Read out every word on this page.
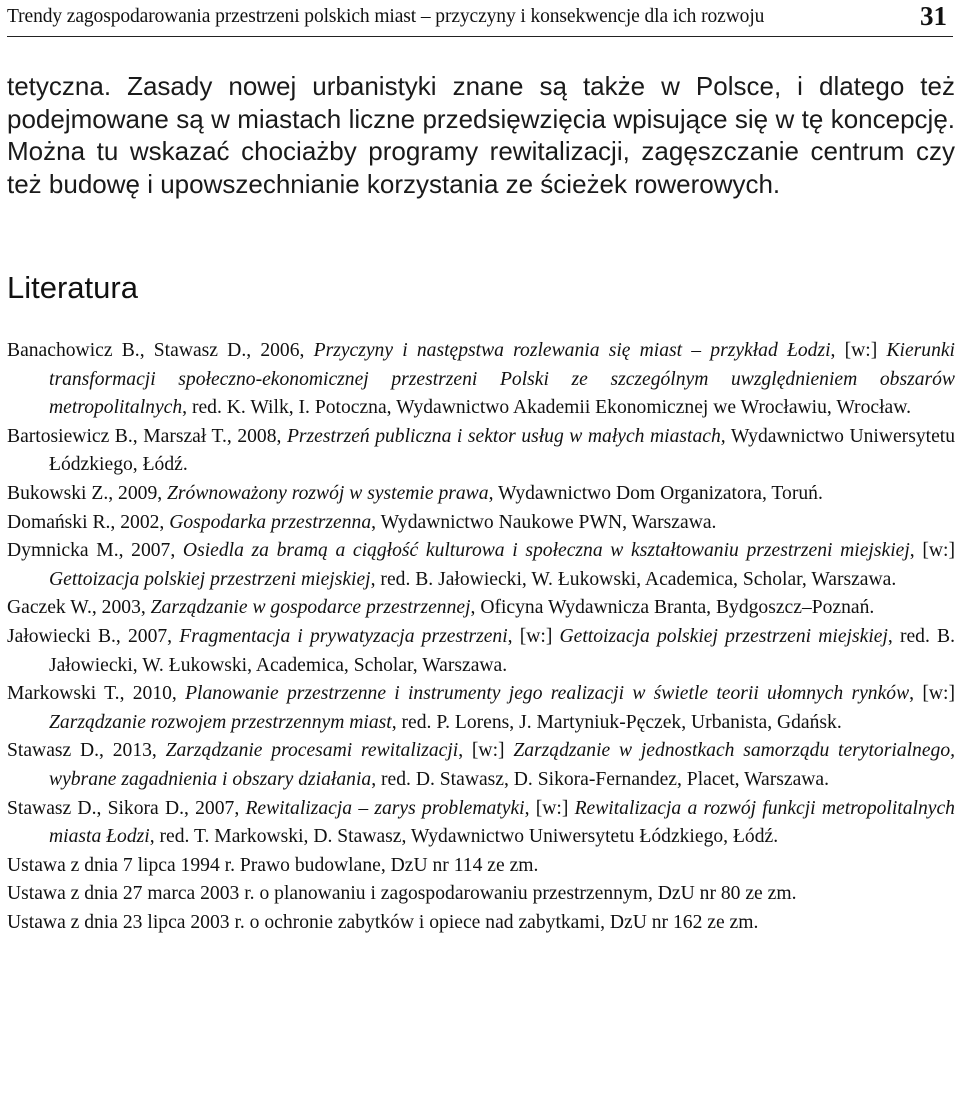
Trendy zagospodarowania przestrzeni polskich miast – przyczyny i konsekwencje dla ich rozwoju	31
tetyczna. Zasady nowej urbanistyki znane są także w Polsce, i dlatego też podejmowane są w miastach liczne przedsięwzięcia wpisujące się w tę koncepcję. Można tu wskazać chociażby programy rewitalizacji, zagęszczanie centrum czy też budowę i upowszechnianie korzystania ze ścieżek rowerowych.
Literatura

Banachowicz B., Stawasz D., 2006, Przyczyny i następstwa rozlewania się miast – przykład Łodzi, [w:] Kierunki transformacji społeczno-ekonomicznej przestrzeni Polski ze szczególnym uwzględnieniem obszarów metropolitalnych, red. K. Wilk, I. Potoczna, Wydawnictwo Akademii Ekonomicznej we Wrocławiu, Wrocław.

Bartosiewicz B., Marszał T., 2008, Przestrzeń publiczna i sektor usług w małych miastach, Wydawnictwo Uniwersytetu Łódzkiego, Łódź.

Bukowski Z., 2009, Zrównoważony rozwój w systemie prawa, Wydawnictwo Dom Organizatora, Toruń.

Domański R., 2002, Gospodarka przestrzenna, Wydawnictwo Naukowe PWN, Warszawa.

Dymnicka M., 2007, Osiedla za bramą a ciągłość kulturowa i społeczna w kształtowaniu przestrzeni miejskiej, [w:] Gettoizacja polskiej przestrzeni miejskiej, red. B. Jałowiecki, W. Łukowski, Academica, Scholar, Warszawa.

Gaczek W., 2003, Zarządzanie w gospodarce przestrzennej, Oficyna Wydawnicza Branta, Bydgoszcz–Poznań.

Jałowiecki B., 2007, Fragmentacja i prywatyzacja przestrzeni, [w:] Gettoizacja polskiej przestrzeni miejskiej, red. B. Jałowiecki, W. Łukowski, Academica, Scholar, Warszawa.

Markowski T., 2010, Planowanie przestrzenne i instrumenty jego realizacji w świetle teorii ułomnych rynków, [w:] Zarządzanie rozwojem przestrzennym miast, red. P. Lorens, J. Martyniuk-Pęczek, Urbanista, Gdańsk.

Stawasz D., 2013, Zarządzanie procesami rewitalizacji, [w:] Zarządzanie w jednostkach samorządu terytorialnego, wybrane zagadnienia i obszary działania, red. D. Stawasz, D. Sikora-Fernandez, Placet, Warszawa.

Stawasz D., Sikora D., 2007, Rewitalizacja – zarys problematyki, [w:] Rewitalizacja a rozwój funkcji metropolitalnych miasta Łodzi, red. T. Markowski, D. Stawasz, Wydawnictwo Uniwersytetu Łódzkiego, Łódź.

Ustawa z dnia 7 lipca 1994 r. Prawo budowlane, DzU nr 114 ze zm.

Ustawa z dnia 27 marca 2003 r. o planowaniu i zagospodarowaniu przestrzennym, DzU nr 80 ze zm.

Ustawa z dnia 23 lipca 2003 r. o ochronie zabytków i opiece nad zabytkami, DzU nr 162 ze zm.
